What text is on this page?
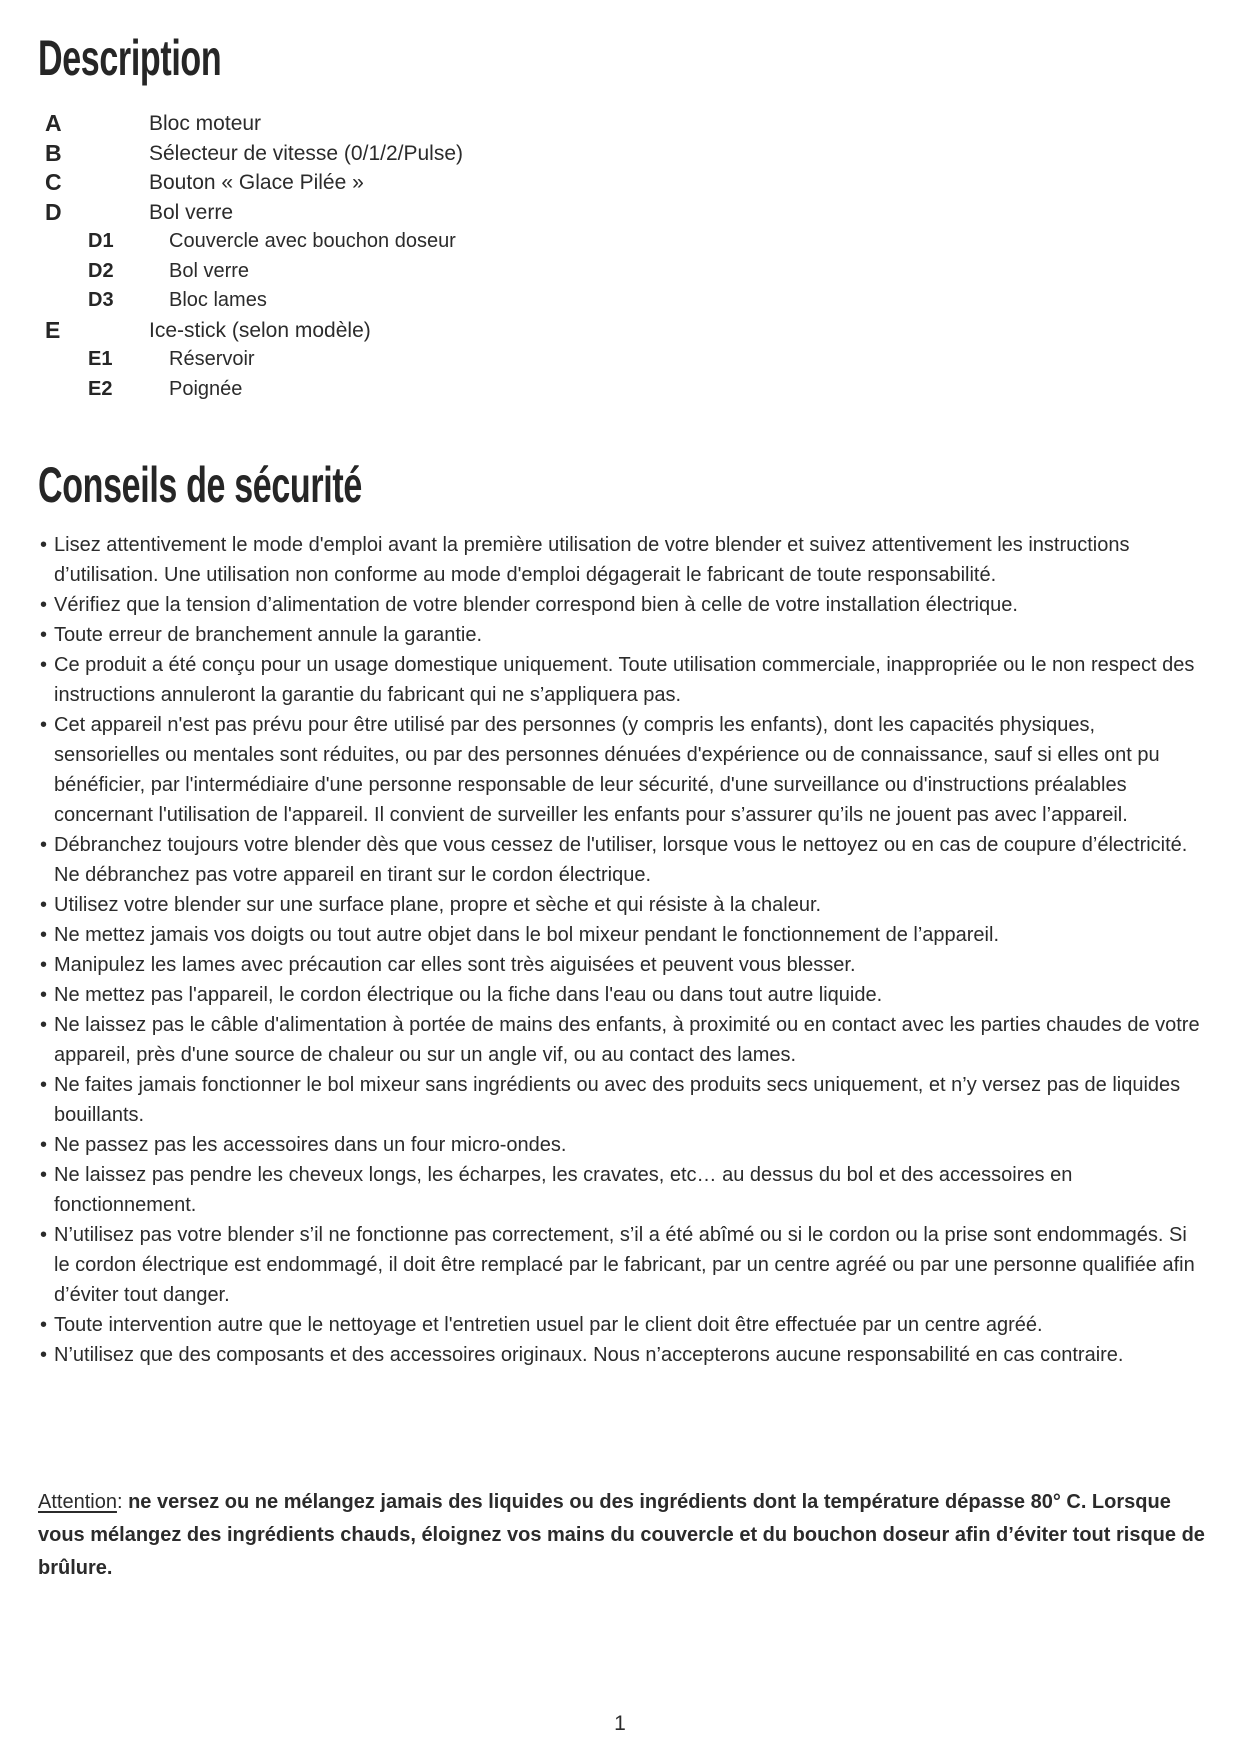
Description
A	Bloc moteur
B	Sélecteur de vitesse (0/1/2/Pulse)
C	Bouton « Glace Pilée »
D	Bol verre
D1	Couvercle avec bouchon doseur
D2	Bol verre
D3	Bloc lames
E	Ice-stick (selon modèle)
E1	Réservoir
E2	Poignée
Conseils de sécurité
• Lisez attentivement le mode d'emploi avant la première utilisation de votre blender et suivez attentivement les instructions d’utilisation. Une utilisation non conforme au mode d'emploi dégagerait le fabricant de toute responsabilité.
• Vérifiez que la tension d’alimentation de votre blender correspond bien à celle de votre installation électrique.
• Toute erreur de branchement annule la garantie.
• Ce produit a été conçu pour un usage domestique uniquement. Toute utilisation commerciale, inappropriée ou le non respect des instructions annuleront la garantie du fabricant qui ne s’appliquera pas.
• Cet appareil n'est pas prévu pour être utilisé par des personnes (y compris les enfants), dont les capacités physiques, sensorielles ou mentales sont réduites, ou par des personnes dénuées d'expérience ou de connaissance, sauf si elles ont pu bénéficier, par l'intermédiaire d'une personne responsable de leur sécurité, d'une surveillance ou d'instructions préalables concernant l'utilisation de l'appareil. Il convient de surveiller les enfants pour s’assurer qu’ils ne jouent pas avec l’appareil.
• Débranchez toujours votre blender dès que vous cessez de l'utiliser, lorsque vous le nettoyez ou en cas de coupure d’électricité.  Ne débranchez pas votre appareil en tirant sur le cordon électrique.
• Utilisez votre blender sur une surface plane, propre et sèche et qui résiste à la chaleur.
• Ne mettez jamais vos doigts ou tout autre objet dans le bol mixeur pendant le fonctionnement de l’appareil.
• Manipulez les lames avec précaution car elles sont très aiguisées et peuvent vous blesser.
• Ne mettez pas l'appareil, le cordon électrique ou la fiche dans l'eau ou dans tout autre liquide.
• Ne laissez pas le câble d'alimentation à portée de mains des enfants, à proximité ou en contact avec les parties chaudes de votre appareil, près d'une source de chaleur ou sur un angle vif, ou au contact des lames.
• Ne faites jamais fonctionner le bol mixeur sans ingrédients ou avec des produits secs uniquement, et n’y versez pas de liquides bouillants.
• Ne passez pas les accessoires dans un four micro-ondes.
• Ne laissez pas pendre les cheveux longs, les écharpes, les cravates, etc… au dessus du bol et des accessoires en fonctionnement.
• N’utilisez pas votre blender s’il ne fonctionne pas correctement, s’il a été abîmé ou si le cordon ou la prise sont endommagés. Si le cordon électrique est endommagé, il doit être remplacé par le fabricant, par un centre agréé ou par une personne qualifiée afin d’éviter tout danger.
• Toute intervention autre que le nettoyage et l'entretien usuel par le client doit être effectuée par un centre agréé.
• N’utilisez que des composants et des accessoires originaux. Nous n’accepterons aucune responsabilité en cas contraire.

Attention: ne versez ou ne mélangez jamais des liquides ou des ingrédients dont la température dépasse 80° C. Lorsque vous mélangez des ingrédients chauds, éloignez vos mains du couvercle et du bouchon doseur afin d’éviter tout risque de brûlure.

1
